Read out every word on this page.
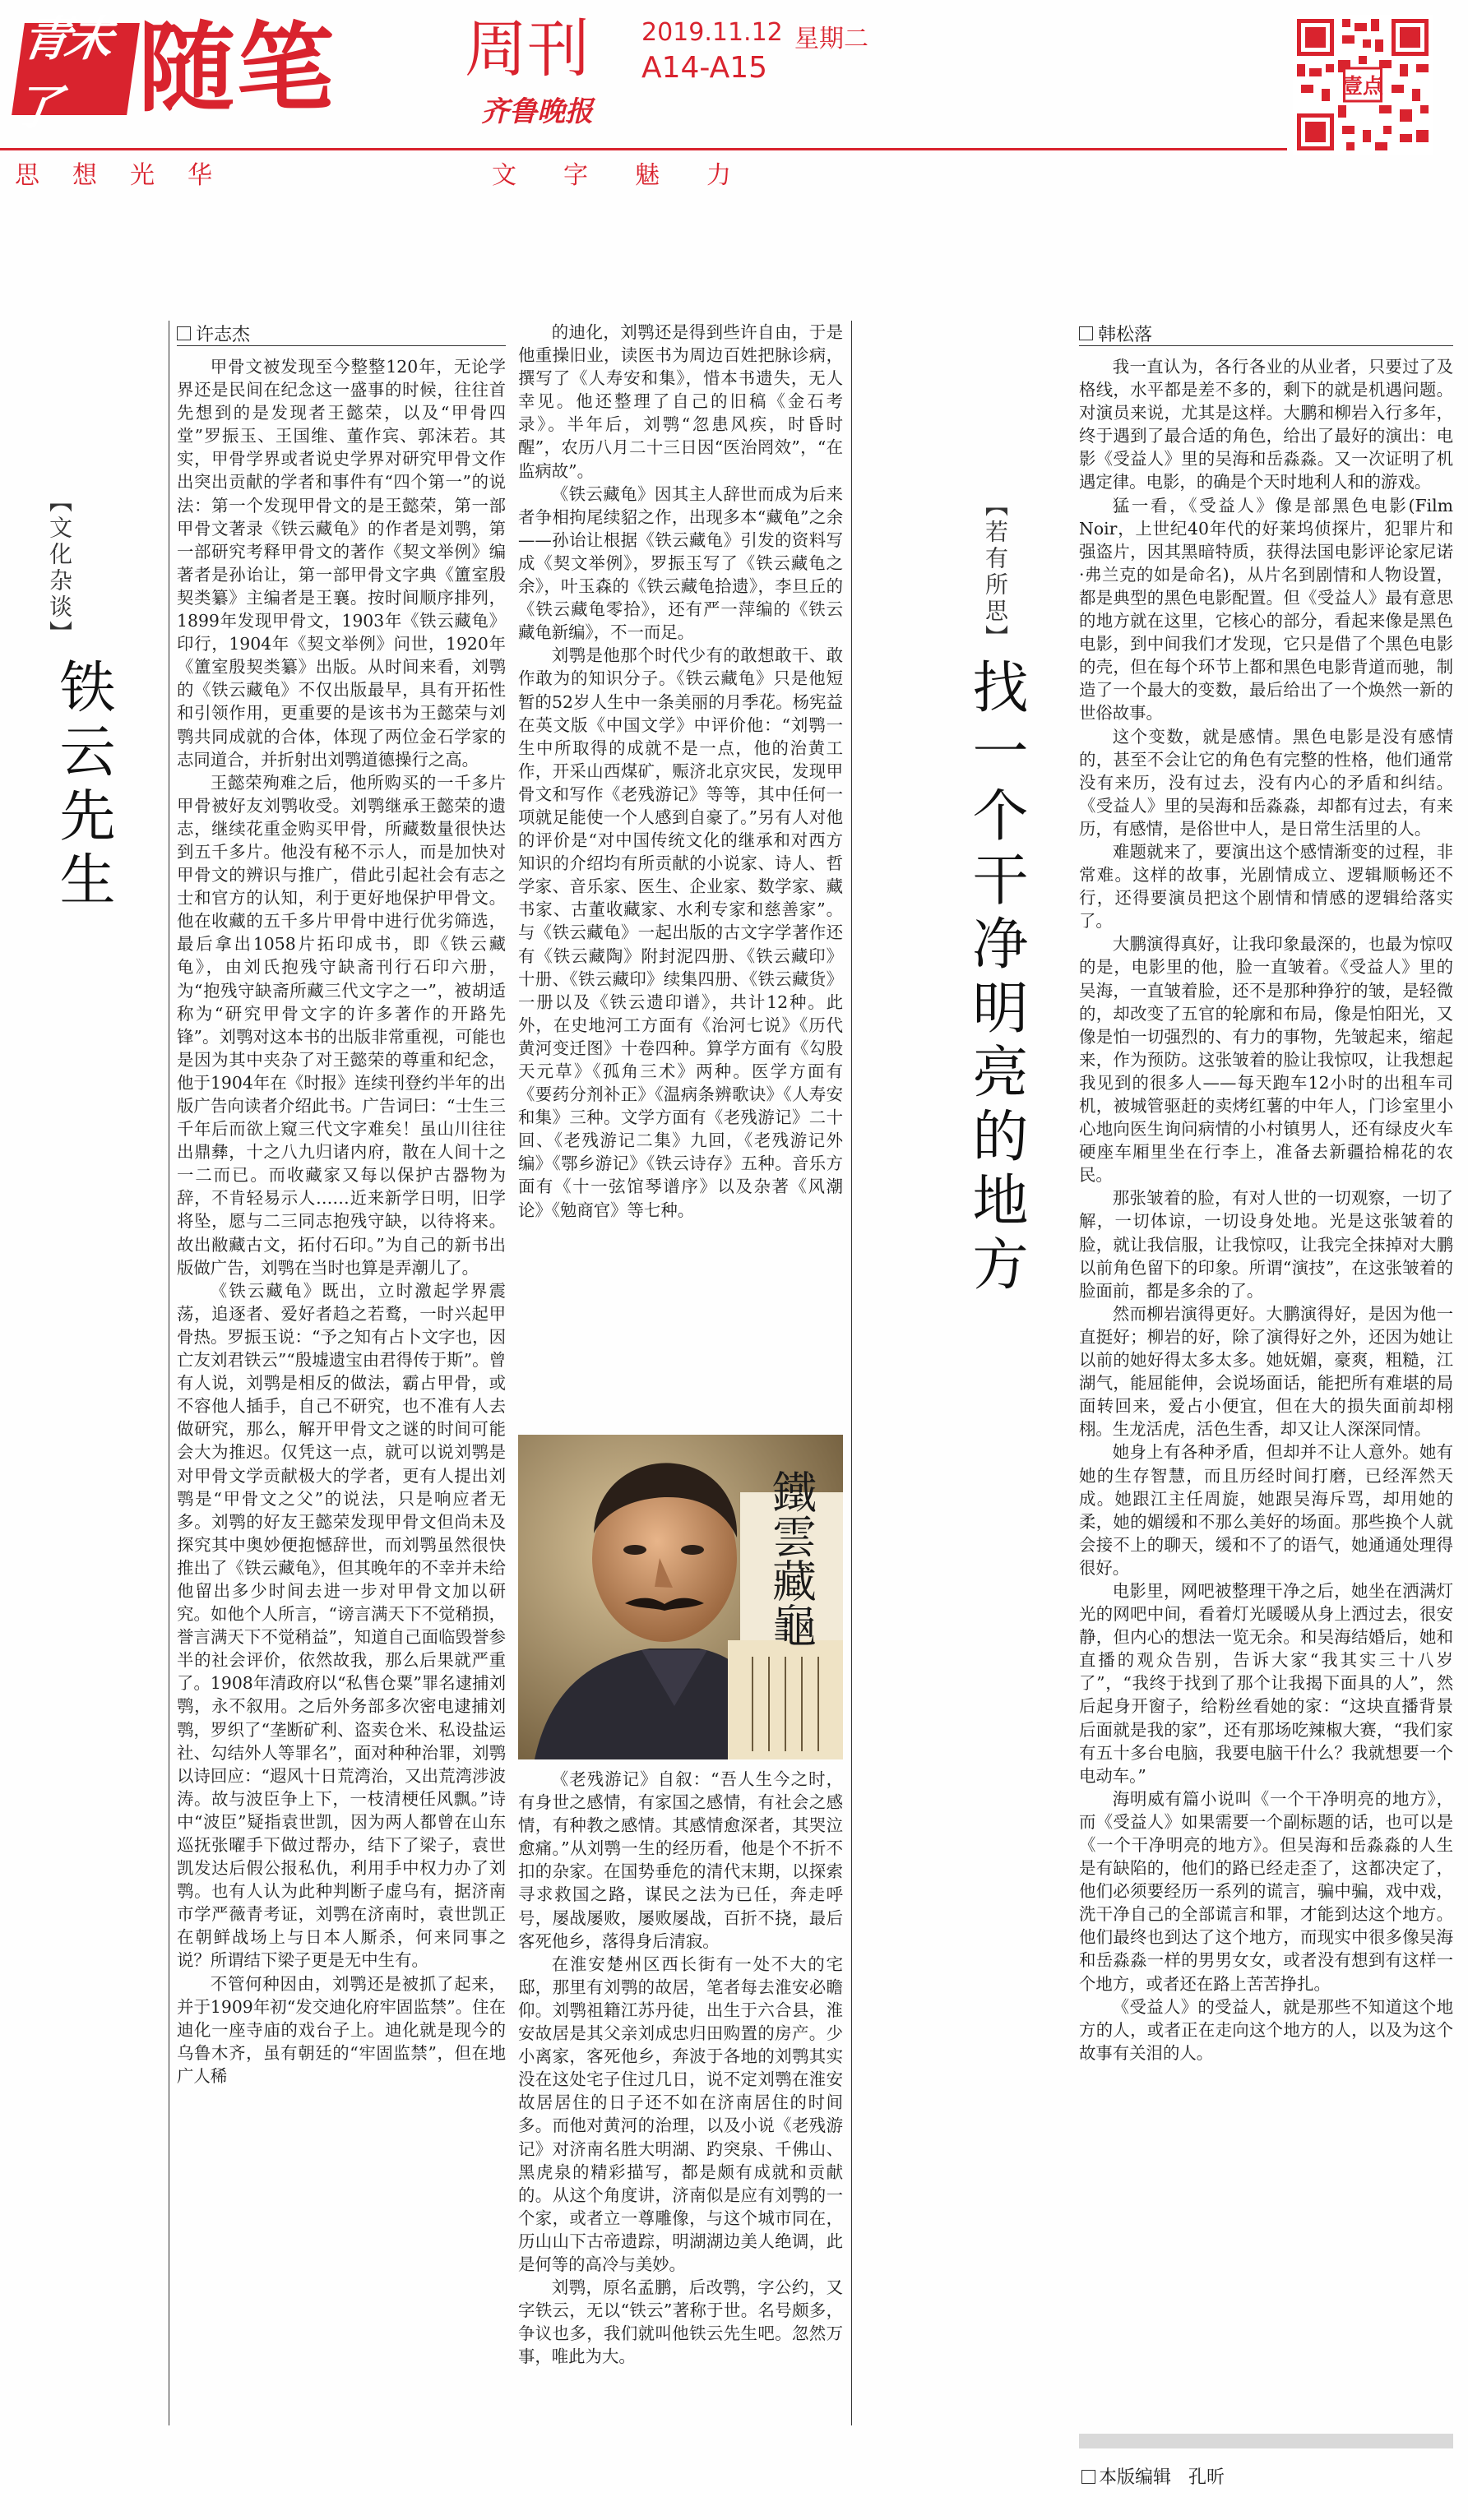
青未了 随笔 周刊 2019.11.12 星期二
A14-A15
齐鲁晚报
壹点
思想光华	文字魅力
【文化杂谈】
铁云先生
许志杰

甲骨文被发现至今整整120年，无论学界还是民间在纪念这一盛事的时候，往往首先想到的是发现者王懿荣，以及“甲骨四堂”罗振玉、王国维、董作宾、郭沫若。其实，甲骨学界或者说史学界对研究甲骨文作出突出贡献的学者和事件有“四个第一”的说法：第一个发现甲骨文的是王懿荣，第一部甲骨文著录《铁云藏龟》的作者是刘鹗，第一部研究考释甲骨文的著作《契文举例》编著者是孙诒让，第一部甲骨文字典《簠室殷契类纂》主编者是王襄。按时间顺序排列，1899年发现甲骨文，1903年《铁云藏龟》印行，1904年《契文举例》问世，1920年《簠室殷契类纂》出版。从时间来看，刘鹗的《铁云藏龟》不仅出版最早，具有开拓性和引领作用，更重要的是该书为王懿荣与刘鹗共同成就的合体，体现了两位金石学家的志同道合，并折射出刘鹗道德操行之高。

王懿荣殉难之后，他所购买的一千多片甲骨被好友刘鹗收受。刘鹗继承王懿荣的遗志，继续花重金购买甲骨，所藏数量很快达到五千多片。他没有秘不示人，而是加快对甲骨文的辨识与推广，借此引起社会有志之士和官方的认知，利于更好地保护甲骨文。他在收藏的五千多片甲骨中进行优劣筛选，最后拿出1058片拓印成书，即《铁云藏龟》，由刘氏抱残守缺斋刊行石印六册，为“抱残守缺斋所藏三代文字之一”，被胡适称为“研究甲骨文字的许多著作的开路先锋”。刘鹗对这本书的出版非常重视，可能也是因为其中夹杂了对王懿荣的尊重和纪念，他于1904年在《时报》连续刊登约半年的出版广告向读者介绍此书。广告词曰：“士生三千年后而欲上窥三代文字难矣！虽山川往往出鼎彝，十之八九归诸内府，散在人间十之一二而已。而收藏家又每以保护古器物为辞，不肯轻易示人……近来新学日明，旧学将坠，愿与二三同志抱残守缺，以待将来。故出敝藏古文，拓付石印。”为自己的新书出版做广告，刘鹗在当时也算是弄潮儿了。

《铁云藏龟》既出，立时激起学界震荡，追逐者、爱好者趋之若鹜，一时兴起甲骨热。罗振玉说：“予之知有占卜文字也，因亡友刘君铁云”“殷墟遗宝由君得传于斯”。曾有人说，刘鹗是相反的做法，霸占甲骨，或不容他人插手，自己不研究，也不准有人去做研究，那么，解开甲骨文之谜的时间可能会大为推迟。仅凭这一点，就可以说刘鹗是对甲骨文学贡献极大的学者，更有人提出刘鹗是“甲骨文之父”的说法，只是响应者无多。刘鹗的好友王懿荣发现甲骨文但尚未及探究其中奥妙便抱憾辞世，而刘鹗虽然很快推出了《铁云藏龟》，但其晚年的不幸并未给他留出多少时间去进一步对甲骨文加以研究。如他个人所言，“谤言满天下不觉稍损，誉言满天下不觉稍益”，知道自己面临毁誉参半的社会评价，依然故我，那么后果就严重了。1908年清政府以“私售仓粟”罪名逮捕刘鹗，永不叙用。之后外务部多次密电逮捕刘鹗，罗织了“垄断矿利、盗卖仓米、私设盐运社、勾结外人等罪名”，面对种种治罪，刘鹗以诗回应：“遐风十日荒湾治，又出荒湾涉波涛。故与波臣争上下，一枝清梗任风飘。”诗中“波臣”疑指袁世凯，因为两人都曾在山东巡抚张曜手下做过帮办，结下了梁子，袁世凯发达后假公报私仇，利用手中权力办了刘鹗。也有人认为此种判断子虚乌有，据济南市学严薇青考证，刘鹗在济南时，袁世凯正在朝鲜战场上与日本人厮杀，何来同事之说？所谓结下梁子更是无中生有。

不管何种因由，刘鹗还是被抓了起来，并于1909年初“发交迪化府牢固监禁”。住在迪化一座寺庙的戏台子上。迪化就是现今的乌鲁木齐，虽有朝廷的“牢固监禁”，但在地广人稀

的迪化，刘鹗还是得到些许自由，于是他重操旧业，读医书为周边百姓把脉诊病，撰写了《人寿安和集》，惜本书遗失，无人幸见。他还整理了自己的旧稿《金石考录》。半年后，刘鹗“忽患风疾，时昏时醒”，农历八月二十三日因“医治罔效”，“在监病故”。

《铁云藏龟》因其主人辞世而成为后来者争相拘尾续貂之作，出现多本“藏龟”之余——孙诒让根据《铁云藏龟》引发的资料写成《契文举例》，罗振玉写了《铁云藏龟之余》，叶玉森的《铁云藏龟拾遗》，李旦丘的《铁云藏龟零拾》，还有严一萍编的《铁云藏龟新编》，不一而足。

刘鹗是他那个时代少有的敢想敢干、敢作敢为的知识分子。《铁云藏龟》只是他短暂的52岁人生中一条美丽的月季花。杨宪益在英文版《中国文学》中评价他：“刘鹗一生中所取得的成就不是一点，他的治黄工作，开采山西煤矿，赈济北京灾民，发现甲骨文和写作《老残游记》等等，其中任何一项就足能使一个人感到自豪了。”另有人对他的评价是“对中国传统文化的继承和对西方知识的介绍均有所贡献的小说家、诗人、哲学家、音乐家、医生、企业家、数学家、藏书家、古董收藏家、水利专家和慈善家”。与《铁云藏龟》一起出版的古文字学著作还有《铁云藏陶》附封泥四册、《铁云藏印》十册、《铁云藏印》续集四册、《铁云藏货》一册以及《铁云遗印谱》，共计12种。此外，在史地河工方面有《治河七说》《历代黄河变迁图》十卷四种。算学方面有《勾股天元草》《孤角三术》两种。医学方面有《要药分剂补正》《温病条辨歌诀》《人寿安和集》三种。文学方面有《老残游记》二十回、《老残游记二集》九回，《老残游记外编》《鄂乡游记》《铁云诗存》五种。音乐方面有《十一弦馆琴谱序》以及杂著《风潮论》《勉商官》等七种。

鐵雲藏龜

《老残游记》自叙：“吾人生今之时，有身世之感情，有家国之感情，有社会之感情，有种教之感情。其感情愈深者，其哭泣愈痛。”从刘鹗一生的经历看，他是个不折不扣的杂家。在国势垂危的清代末期，以探索寻求救国之路，谋民之法为已任，奔走呼号，屡战屡败，屡败屡战，百折不挠，最后客死他乡，落得身后清寂。

在淮安楚州区西长街有一处不大的宅邸，那里有刘鹗的故居，笔者每去淮安必瞻仰。刘鹗祖籍江苏丹徒，出生于六合县，淮安故居是其父亲刘成忠归田购置的房产。少小离家，客死他乡，奔波于各地的刘鹗其实没在这处宅子住过几日，说不定刘鹗在淮安故居居住的日子还不如在济南居住的时间多。而他对黄河的治理，以及小说《老残游记》对济南名胜大明湖、趵突泉、千佛山、黑虎泉的精彩描写，都是颇有成就和贡献的。从这个角度讲，济南似是应有刘鹗的一个家，或者立一尊雕像，与这个城市同在，历山山下古帝遗踪，明湖湖边美人绝调，此是何等的高冷与美妙。

刘鹗，原名孟鹏，后改鹗，字公约，又字铁云，无以“铁云”著称于世。名号颇多，争议也多，我们就叫他铁云先生吧。忽然万事，唯此为大。

【若有所思】
找一个干净明亮的地方
韩松落

我一直认为，各行各业的从业者，只要过了及格线，水平都是差不多的，剩下的就是机遇问题。对演员来说，尤其是这样。大鹏和柳岩入行多年，终于遇到了最合适的角色，给出了最好的演出：电影《受益人》里的吴海和岳淼淼。又一次证明了机遇定律。电影，的确是个天时地利人和的游戏。

猛一看，《受益人》像是部黑色电影(Film Noir，上世纪40年代的好莱坞侦探片，犯罪片和强盗片，因其黑暗特质，获得法国电影评论家尼诺·弗兰克的如是命名)，从片名到剧情和人物设置，都是典型的黑色电影配置。但《受益人》最有意思的地方就在这里，它核心的部分，看起来像是黑色电影，到中间我们才发现，它只是借了个黑色电影的壳，但在每个环节上都和黑色电影背道而驰，制造了一个最大的变数，最后给出了一个焕然一新的世俗故事。

这个变数，就是感情。黑色电影是没有感情的，甚至不会让它的角色有完整的性格，他们通常没有来历，没有过去，没有内心的矛盾和纠结。《受益人》里的吴海和岳淼淼，却都有过去，有来历，有感情，是俗世中人，是日常生活里的人。

难题就来了，要演出这个感情渐变的过程，非常难。这样的故事，光剧情成立、逻辑顺畅还不行，还得要演员把这个剧情和情感的逻辑给落实了。

大鹏演得真好，让我印象最深的，也最为惊叹的是，电影里的他，脸一直皱着。《受益人》里的吴海，一直皱着脸，还不是那种狰狞的皱，是轻微的，却改变了五官的轮廓和布局，像是怕阳光，又像是怕一切强烈的、有力的事物，先皱起来，缩起来，作为预防。这张皱着的脸让我惊叹，让我想起我见到的很多人——每天跑车12小时的出租车司机，被城管驱赶的卖烤红薯的中年人，门诊室里小心地向医生询问病情的小村镇男人，还有绿皮火车硬座车厢里坐在行李上，准备去新疆拾棉花的农民。

那张皱着的脸，有对人世的一切观察，一切了解，一切体谅，一切设身处地。光是这张皱着的脸，就让我信服，让我惊叹，让我完全抹掉对大鹏以前角色留下的印象。所谓“演技”，在这张皱着的脸面前，都是多余的了。

然而柳岩演得更好。大鹏演得好，是因为他一直挺好；柳岩的好，除了演得好之外，还因为她让以前的她好得太多太多。她妩媚，豪爽，粗糙，江湖气，能屈能伸，会说场面话，能把所有难堪的局面转回来，爱占小便宜，但在大的损失面前却栩栩。生龙活虎，活色生香，却又让人深深同情。

她身上有各种矛盾，但却并不让人意外。她有她的生存智慧，而且历经时间打磨，已经浑然天成。她跟江主任周旋，她跟吴海斥骂，却用她的柔，她的媚缓和不那么美好的场面。那些换个人就会接不上的聊天，缓和不了的语气，她通通处理得很好。

电影里，网吧被整理干净之后，她坐在洒满灯光的网吧中间，看着灯光暖暖从身上洒过去，很安静，但内心的想法一览无余。和吴海结婚后，她和直播的观众告别，告诉大家“我其实三十八岁了”，“我终于找到了那个让我揭下面具的人”，然后起身开窗子，给粉丝看她的家：“这块直播背景后面就是我的家”，还有那场吃辣椒大赛，“我们家有五十多台电脑，我要电脑干什么？我就想要一个电动车。”

海明威有篇小说叫《一个干净明亮的地方》，而《受益人》如果需要一个副标题的话，也可以是《一个干净明亮的地方》。但吴海和岳淼淼的人生是有缺陷的，他们的路已经走歪了，这都决定了，他们必须要经历一系列的谎言，骗中骗，戏中戏，洗干净自己的全部谎言和罪，才能到达这个地方。他们最终也到达了这个地方，而现实中很多像吴海和岳淼淼一样的男男女女，或者没有想到有这样一个地方，或者还在路上苦苦挣扎。

《受益人》的受益人，就是那些不知道这个地方的人，或者正在走向这个地方的人，以及为这个故事有关泪的人。

本版编辑 孔昕
